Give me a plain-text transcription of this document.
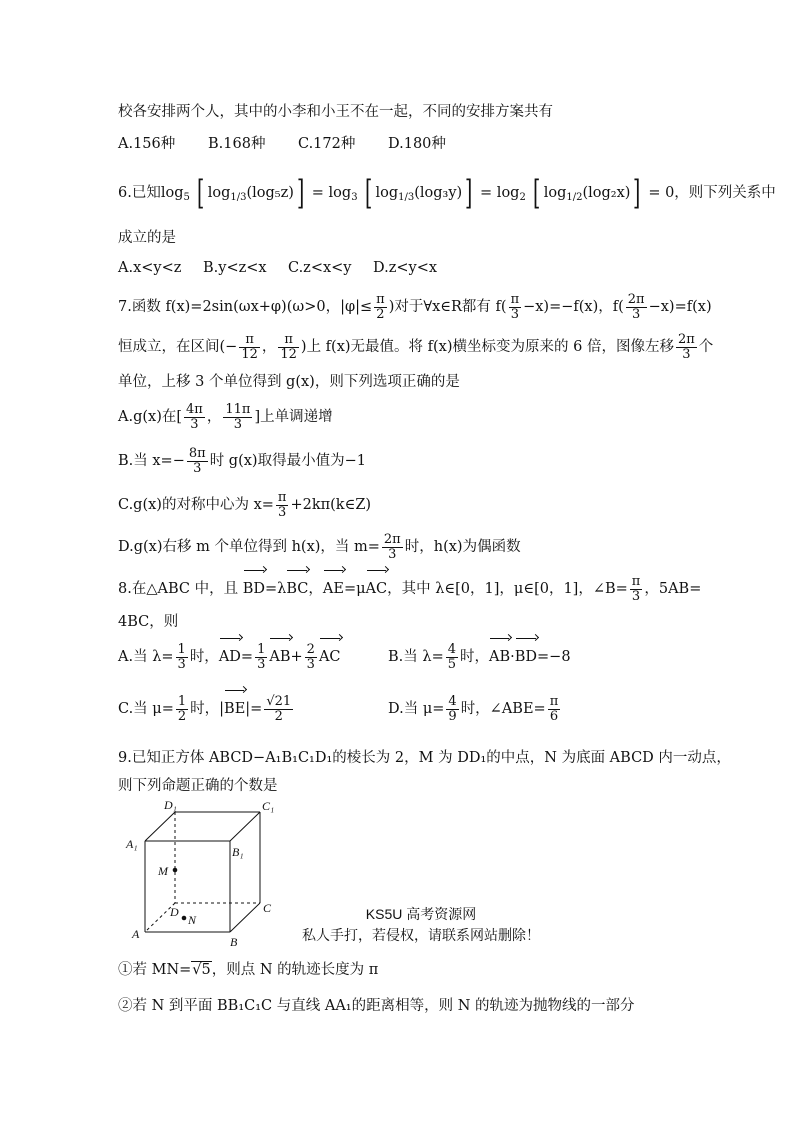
校各安排两个人，其中的小李和小王不在一起，不同的安排方案共有
A.156种 B.168种 C.172种 D.180种
6.已知$\log_5$ [ $\log_{1/3}(\log_5z)] = \log_3$ [ $\log_{1/3}(\log_3y)] = \log_2$ [ $\log_{1/2}(\log_2x)] = 0$，则下列关系中
成立的是
A.x<y<z B.y<z<x C.z<x<y D.z<y<x
7.函数 f(x)=2sin(ωx+φ)(ω>0，$|\varphi|\le \frac{\pi}{2}$ )对于∀x∈R都有 $f( \frac{\pi}{3} -x)=-f(x)$，$f( \frac{2\pi}{3} -x)=f(x)$
恒成立，在区间(− $\frac{\pi}{12}$ ， $\frac{\pi}{12}$ )上 f(x)无最值。将 f(x)横坐标变为原来的 6 倍，图像左移 $\frac{2\pi}{3}$ 个
单位，上移 3 个单位得到 g(x)，则下列选项正确的是
A.g(x)在[ $\frac{4\pi}{3}$ ， $\frac{11\pi}{3}$ ]上单调递增
B.当 $x=- \frac{8\pi}{3}$ 时 g(x)取得最小值为−1
C.g(x)的对称中心为 $x= \frac{\pi}{3}$ +2kπ(k∈Z)
D.g(x)右移 m 个单位得到 h(x)，当 $m= \frac{2\pi}{3}$ 时，h(x)为偶函数
8.在△ABC 中，且 BD=λBC，AE=μAC，其中 λ∈[0，1]，μ∈[0，1]，∠B= $\frac{\pi}{3}$ ，5AB=
4BC，则
A.当 $\lambda= \frac{1}{3}$ 时，$AD= \frac{1}{3} AB+ \frac{2}{3}$ AC	B.当 $\lambda= \frac{4}{5}$ 时，AB·BD=−8
C.当 $\mu= \frac{1}{2}$ 时，$|BE|= \frac{√21}{2}$	D.当 $\mu= \frac{4}{9}$ 时，∠ABE= $\frac{\pi}{6}$
9.已知正方体 ABCD−A₁B₁C₁D₁的棱长为 2，M 为 DD₁的中点，N 为底面 ABCD 内一动点，
则下列命题正确的个数是
D₁	C₁
A₁
B₁
M
D
N
C
A
B
KS5U 高考资源网
私人手打，若侵权，请联系网站删除！
①若 MN=√5，则点 N 的轨迹长度为 π
②若 N 到平面 BB₁C₁C 与直线 AA₁的距离相等，则 N 的轨迹为抛物线的一部分
